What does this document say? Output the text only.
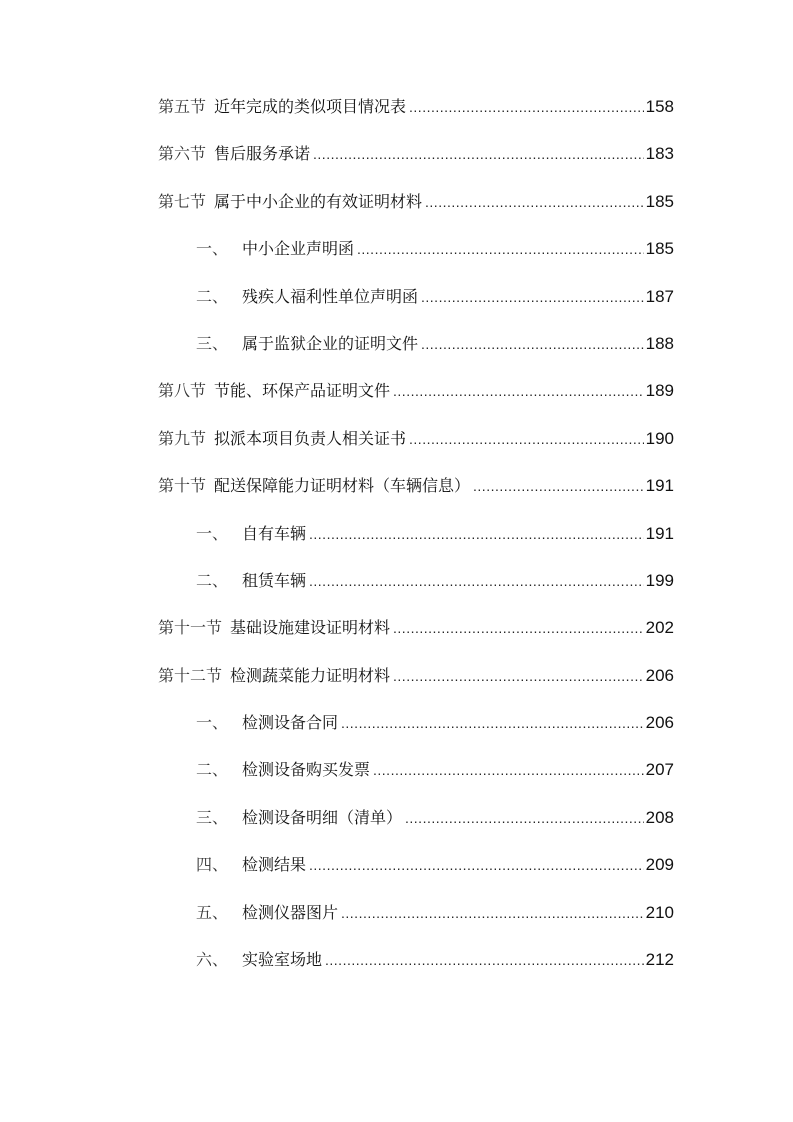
第五节 近年完成的类似项目情况表 .....	158
第六节 售后服务承诺 .....	183
第七节 属于中小企业的有效证明材料 .....	185
一、 中小企业声明函 .....	185
二、 残疾人福利性单位声明函 .....	187
三、 属于监狱企业的证明文件 .....	188
第八节 节能、环保产品证明文件 .....	189
第九节 拟派本项目负责人相关证书 .....	190
第十节 配送保障能力证明材料（车辆信息） .....	191
一、 自有车辆 .....	191
二、 租赁车辆 .....	199
第十一节 基础设施建设证明材料 .....	202
第十二节 检测蔬菜能力证明材料 .....	206
一、 检测设备合同 .....	206
二、 检测设备购买发票 .....	207
三、 检测设备明细（清单） .....	208
四、 检测结果 .....	209
五、 检测仪器图片 .....	210
六、 实验室场地 .....	212
